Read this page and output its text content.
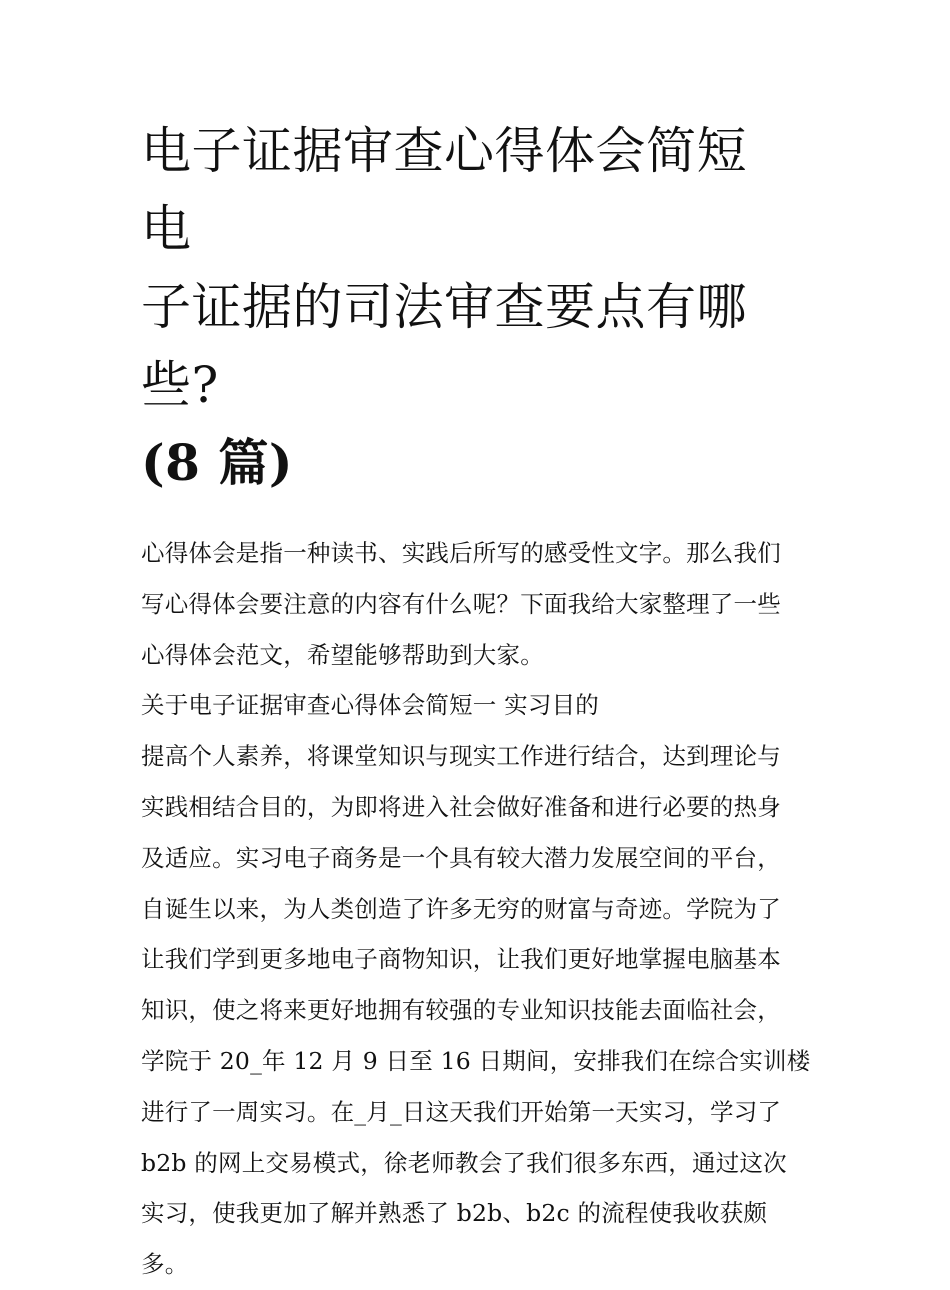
电子证据审查心得体会简短 电
子证据的司法审查要点有哪些?
(8 篇)
心得体会是指一种读书、实践后所写的感受性文字。那么我们
写心得体会要注意的内容有什么呢？下面我给大家整理了一些
心得体会范文，希望能够帮助到大家。
关于电子证据审查心得体会简短一 实习目的
提高个人素养，将课堂知识与现实工作进行结合，达到理论与
实践相结合目的，为即将进入社会做好准备和进行必要的热身
及适应。实习电子商务是一个具有较大潜力发展空间的平台，
自诞生以来，为人类创造了许多无穷的财富与奇迹。学院为了
让我们学到更多地电子商物知识，让我们更好地掌握电脑基本
知识，使之将来更好地拥有较强的专业知识技能去面临社会，
学院于 20_年 12 月 9 日至 16 日期间，安排我们在综合实训楼
进行了一周实习。在_月_日这天我们开始第一天实习，学习了
b2b 的网上交易模式，徐老师教会了我们很多东西，通过这次
实习，使我更加了解并熟悉了 b2b、b2c 的流程使我收获颇
多。
